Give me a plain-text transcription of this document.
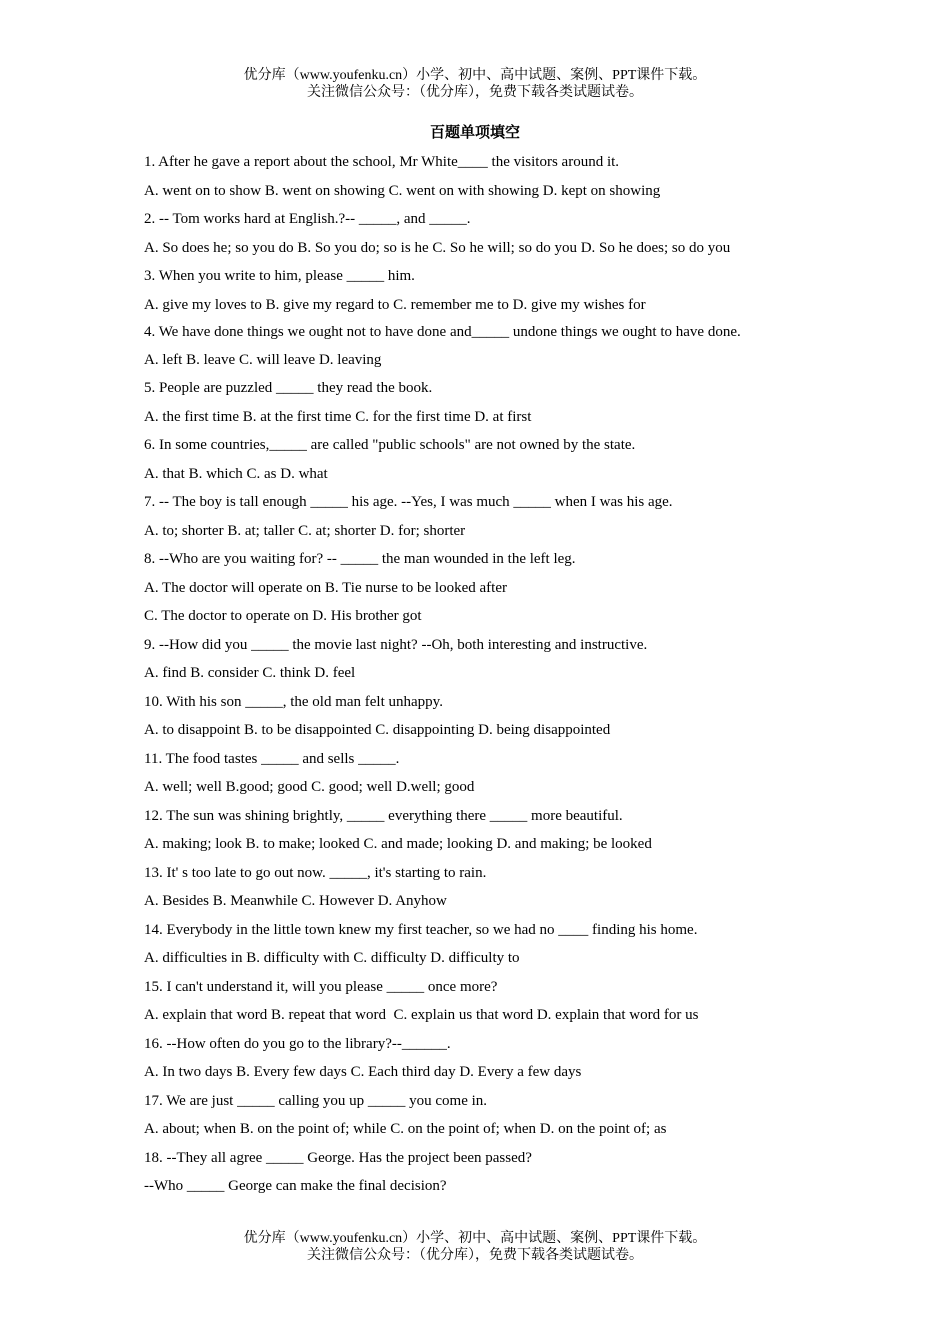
优分库（www.youfenku.cn）小学、初中、高中试题、案例、PPT课件下载。
关注微信公众号：（优分库），免费下载各类试题试卷。
百题单项填空

1. After he gave a report about the school, Mr White____ the visitors around it.

A. went on to show B. went on showing C. went on with showing D. kept on showing

2. -- Tom works hard at English.?-- _____, and _____.

A. So does he; so you do B. So you do; so is he C. So he will; so do you D. So he does; so do you

3. When you write to him, please _____ him.

A. give my loves to B. give my regard to C. remember me to D. give my wishes for

4. We have done things we ought not to have done and_____ undone things we ought to have done.

A. left B. leave C. will leave D. leaving

5. People are puzzled _____ they read the book.

A. the first time B. at the first time C. for the first time D. at first

6. In some countries,_____ are called "public schools" are not owned by the state.

A. that B. which C. as D. what

7. -- The boy is tall enough _____ his age. --Yes, I was much _____ when I was his age.

A. to; shorter B. at; taller C. at; shorter D. for; shorter

8. --Who are you waiting for? -- _____ the man wounded in the left leg.

A. The doctor will operate on B. Tie nurse to be looked after

C. The doctor to operate on D. His brother got

9. --How did you _____ the movie last night? --Oh, both interesting and instructive.

A. find B. consider C. think D. feel

10. With his son _____, the old man felt unhappy.

A. to disappoint B. to be disappointed C. disappointing D. being disappointed

11. The food tastes _____ and sells _____.

A. well; well B.good; good C. good; well D.well; good

12. The sun was shining brightly, _____ everything there _____ more beautiful.

A. making; look B. to make; looked C. and made; looking D. and making; be looked

13. It' s too late to go out now. _____, it's starting to rain.

A. Besides B. Meanwhile C. However D. Anyhow

14. Everybody in the little town knew my first teacher, so we had no ____ finding his home.

A. difficulties in B. difficulty with C. difficulty D. difficulty to

15. I can't understand it, will you please _____ once more?

A. explain that word B. repeat that word  C. explain us that word D. explain that word for us

16. --How often do you go to the library?--______.

A. In two days B. Every few days C. Each third day D. Every a few days

17. We are just _____ calling you up _____ you come in.

A. about; when B. on the point of; while C. on the point of; when D. on the point of; as

18. --They all agree _____ George. Has the project been passed?

--Who _____ George can make the final decision?

优分库（www.youfenku.cn）小学、初中、高中试题、案例、PPT课件下载。
关注微信公众号：（优分库），免费下载各类试题试卷。
